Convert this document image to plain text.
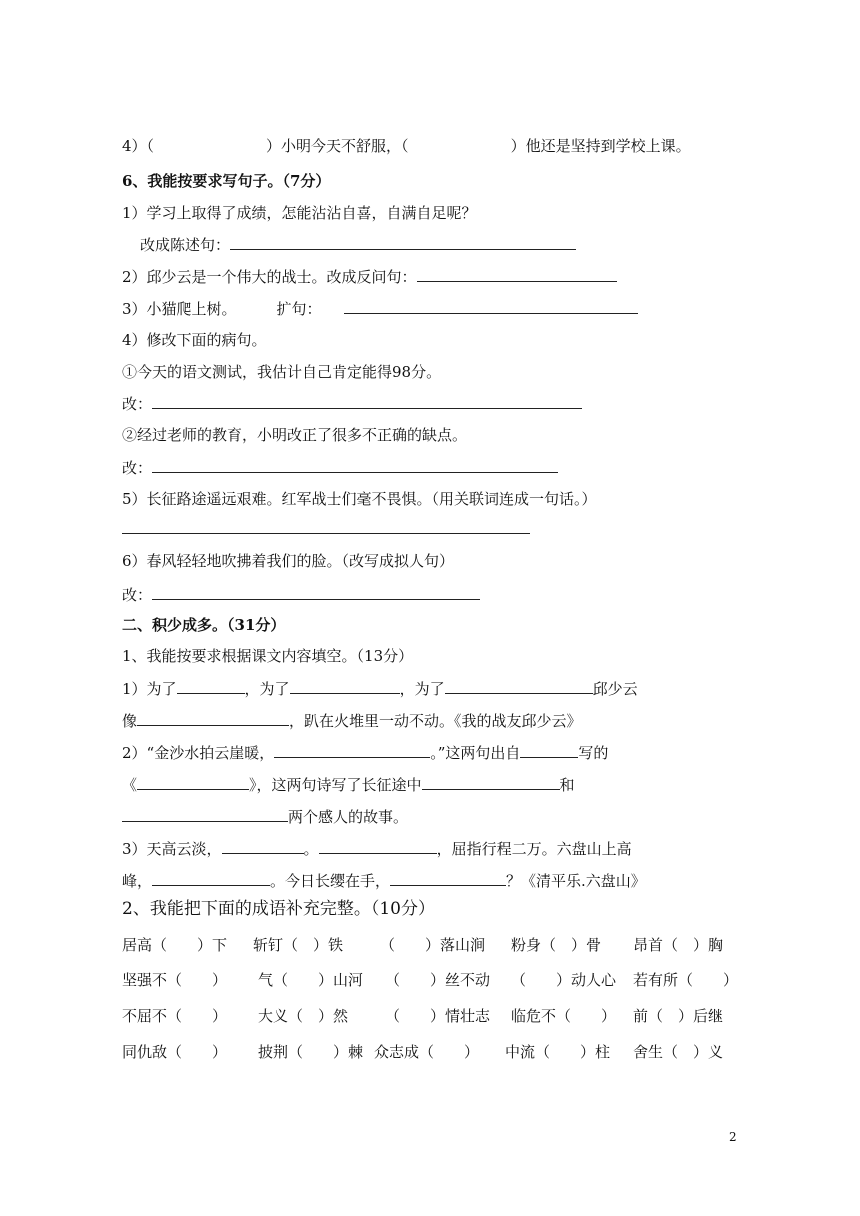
4）（	）小明今天不舒服，（	）他还是坚持到学校上课。
6、我能按要求写句子。（7分）
1）学习上取得了成绩，怎能沾沾自喜，自满自足呢？
改成陈述句：
2）邱少云是一个伟大的战士。改成反问句：
3）小猫爬上树。	扩句：
4）修改下面的病句。
①今天的语文测试，我估计自己肯定能得98分。
改：
②经过老师的教育，小明改正了很多不正确的缺点。
改：
5）长征路途遥远艰难。红军战士们毫不畏惧。（用关联词连成一句话。）
6）春风轻轻地吹拂着我们的脸。（改写成拟人句）
改：
二、积少成多。（31分）
1、我能按要求根据课文内容填空。（13分）
1）为了	，为了	，为了	邱少云
像	，趴在火堆里一动不动。《我的战友邱少云》
2）“金沙水拍云崖暖，	。”这两句出自	写的
《	》，这两句诗写了长征途中	和
两个感人的故事。
3）天高云淡，	。	，屈指行程二万。六盘山上高
峰，	。今日长缨在手，	？《清平乐.六盘山》
2、我能把下面的成语补充完整。（10分）
居高（　　）下 斩钉（　）铁 （　　）落山涧 粉身（　）骨 昂首（　）胸
坚强不（　　） 气（　　）山河 （　　）丝不动 （　　）动人心 若有所（　　）
不屈不（　　） 大义（　）然 （　　）情壮志 临危不（　　） 前（　）后继
同仇敌（　　） 披荆（　　）棘 众志成（　　） 中流（　　）柱 舍生（　）义
2
